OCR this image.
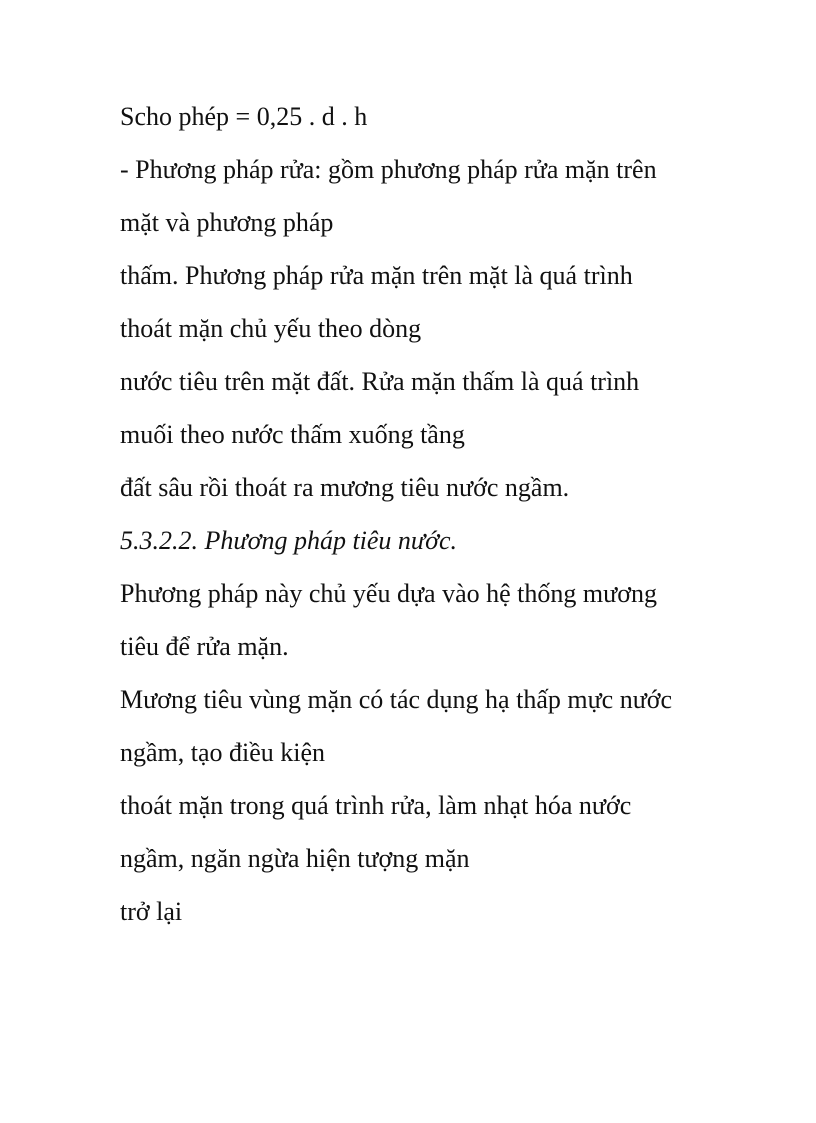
Scho phép = 0,25 . d . h

- Phương pháp rửa: gồm phương pháp rửa mặn trên
mặt và phương pháp

thấm. Phương pháp rửa mặn trên mặt là quá trình
thoát mặn chủ yếu theo dòng

nước tiêu trên mặt đất. Rửa mặn thấm là quá trình
muối theo nước thấm xuống tầng

đất sâu rồi thoát ra mương tiêu nước ngầm.

5.3.2.2. Phương pháp tiêu nước.

Phương pháp này chủ yếu dựa vào hệ thống mương
tiêu để rửa mặn.

Mương tiêu vùng mặn có tác dụng hạ thấp mực nước
ngầm, tạo điều kiện

thoát mặn trong quá trình rửa, làm nhạt hóa nước
ngầm, ngăn ngừa hiện tượng mặn

trở lại
